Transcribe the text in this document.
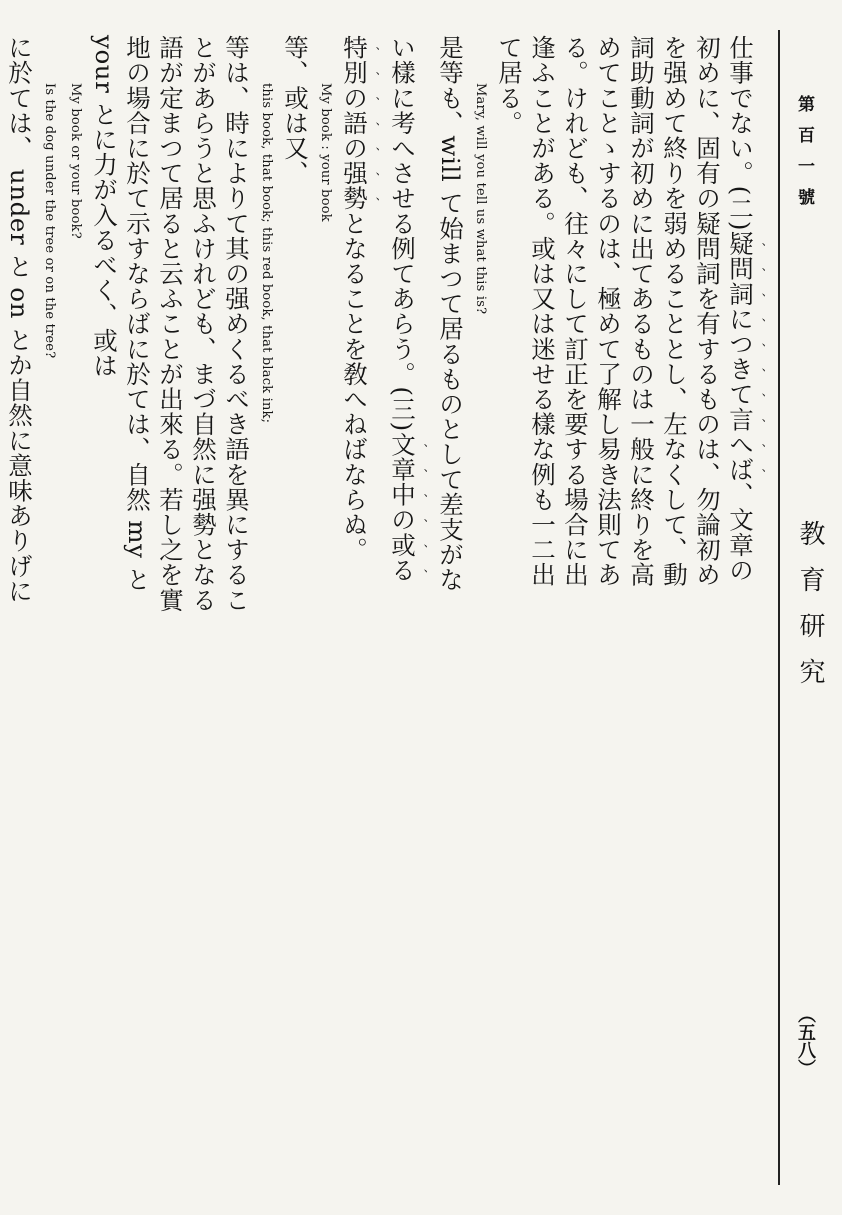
第百一號
教育研究
（五八）
仕事でない。(二)疑問詞につきて言へば、文章の初めに、固有の疑問詞を有するものは、勿論初めを强めて終りを弱めることとし、左なくして、動詞助動詞が初めに出てあるものは一般に終りを高めてことゝするのは、極めて了解し易き法則てある。けれども、往々にして訂正を要する場合に出逢ふことがある。或は又は迷せる樣な例も一二出て居る。
Mary, will you tell us what this is?
是等も、will て始まつて居るものとして差支がない樣に考へさせる例てあらう。(三)文章中の或る特別の語の强勢となることを敎へねばならぬ。
My book : your book
等、或は又、
this book, that book; this red book, that black ink;
等は、時によりて其の强めくるべき語を異にすることがあらうと思ふけれども、まづ自然に强勢となる語が定まつて居ると云ふことが出來る。若し之を實地の場合に於て示すならばに於ては、自然 my と your とに力が入るべく、或は
My book or your book?
Is the dog under the tree or on the tree?
に於ては、 under と on とか自然に意味ありげに
